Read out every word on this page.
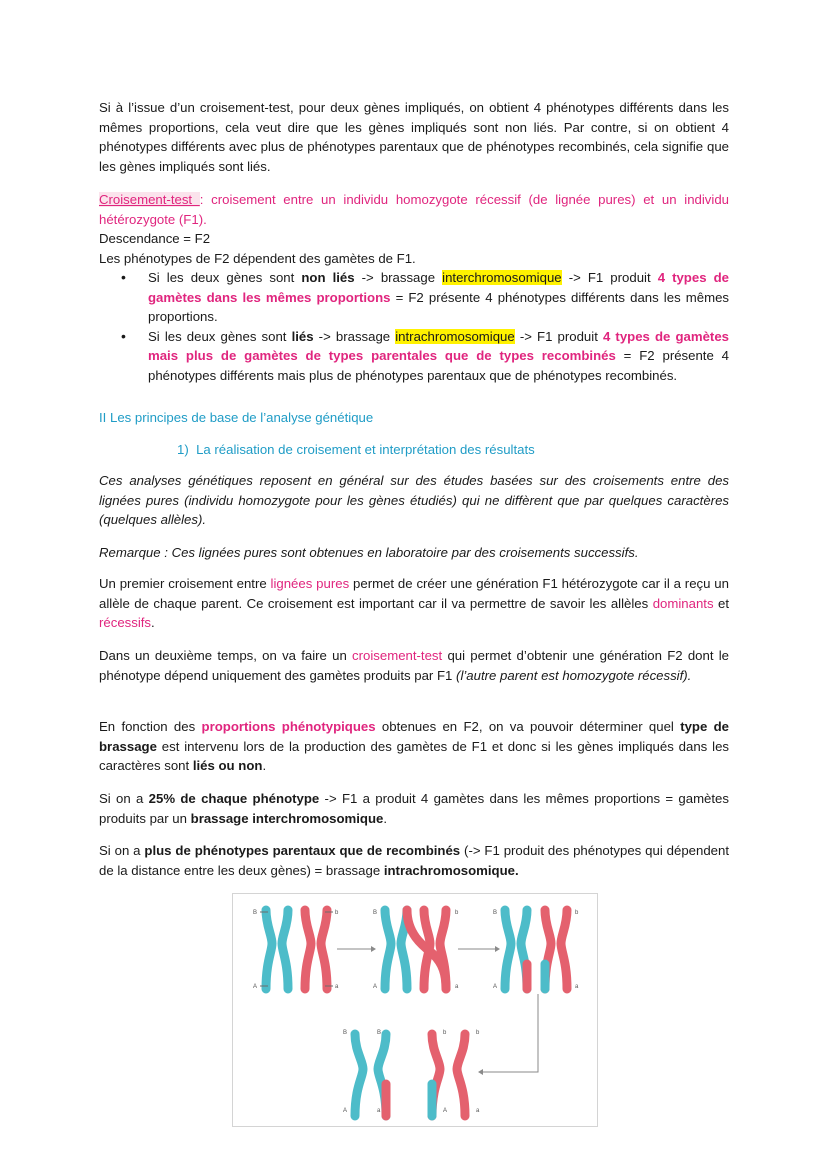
Si à l’issue d’un croisement-test, pour deux gènes impliqués, on obtient 4 phénotypes différents dans les mêmes proportions, cela veut dire que les gènes impliqués sont non liés. Par contre, si on obtient 4 phénotypes différents avec plus de phénotypes parentaux que de phénotypes recombinés, cela signifie que les gènes impliqués sont liés.

Croisement-test : croisement entre un individu homozygote récessif (de lignée pures) et un individu hétérozygote (F1).

Descendance = F2

Les phénotypes de F2 dépendent des gamètes de F1.

• Si les deux gènes sont non liés -> brassage interchromosomique -> F1 produit 4 types de gamètes dans les mêmes proportions = F2 présente 4 phénotypes différents dans les mêmes proportions.
• Si les deux gènes sont liés -> brassage intrachromosomique -> F1 produit 4 types de gamètes mais plus de gamètes de types parentales que de types recombinés = F2 présente 4 phénotypes différents mais plus de phénotypes parentaux que de phénotypes recombinés.

II Les principes de base de l’analyse génétique

1) La réalisation de croisement et interprétation des résultats

Ces analyses génétiques reposent en général sur des études basées sur des croisements entre des lignées pures (individu homozygote pour les gènes étudiés) qui ne diffèrent que par quelques caractères (quelques allèles).

Remarque : Ces lignées pures sont obtenues en laboratoire par des croisements successifs.

Un premier croisement entre lignées pures permet de créer une génération F1 hétérozygote car il a reçu un allèle de chaque parent. Ce croisement est important car il va permettre de savoir les allèles dominants et récessifs.

Dans un deuxième temps, on va faire un croisement-test qui permet d’obtenir une génération F2 dont le phénotype dépend uniquement des gamètes produits par F1 (l’autre parent est homozygote récessif).

En fonction des proportions phénotypiques obtenues en F2, on va pouvoir déterminer quel type de brassage est intervenu lors de la production des gamètes de F1 et donc si les gènes impliqués dans les caractères sont liés ou non.

Si on a 25% de chaque phénotype -> F1 a produit 4 gamètes dans les mêmes proportions = gamètes produits par un brassage interchromosomique.

Si on a plus de phénotypes parentaux que de recombinés (-> F1 produit des phénotypes qui dépendent de la distance entre les deux gènes) = brassage intrachromosomique.

B	b
A	a
B	b
A	a
B	b
A	a
B
A
B
a
b
A
b
a
